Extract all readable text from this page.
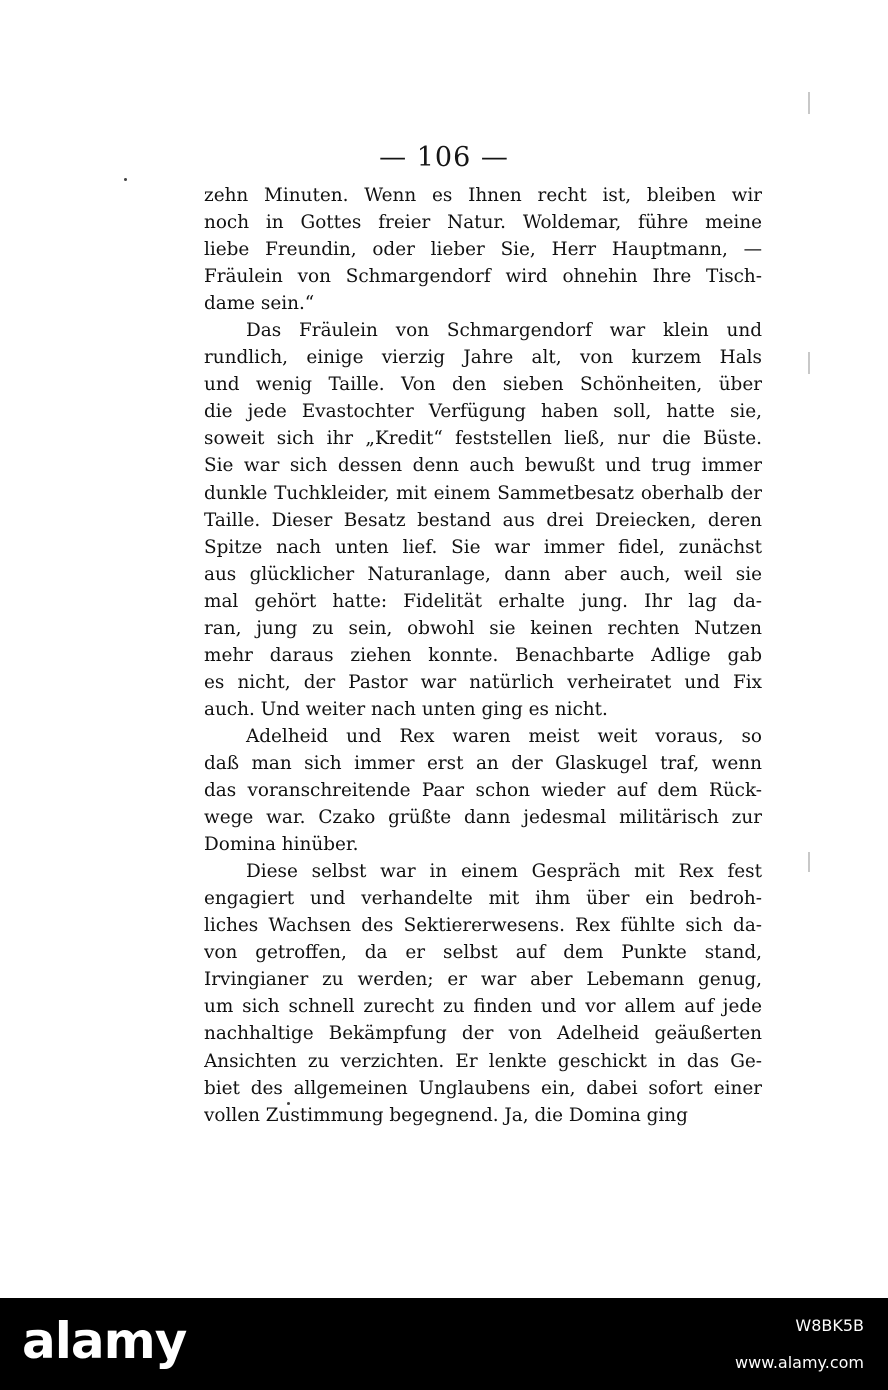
— 106 —
zehn Minuten. Wenn es Ihnen recht ist, bleiben wir
noch in Gottes freier Natur. Woldemar, führe meine
liebe Freundin, oder lieber Sie, Herr Hauptmann, —
Fräulein von Schmargendorf wird ohnehin Ihre Tisch-
dame sein.“
Das Fräulein von Schmargendorf war klein und
rundlich, einige vierzig Jahre alt, von kurzem Hals
und wenig Taille. Von den sieben Schönheiten, über
die jede Evastochter Verfügung haben soll, hatte sie,
soweit sich ihr „Kredit“ feststellen ließ, nur die Büste.
Sie war sich dessen denn auch bewußt und trug immer
dunkle Tuchkleider, mit einem Sammetbesatz oberhalb der
Taille. Dieser Besatz bestand aus drei Dreiecken, deren
Spitze nach unten lief. Sie war immer fidel, zunächst
aus glücklicher Naturanlage, dann aber auch, weil sie
mal gehört hatte: Fidelität erhalte jung. Ihr lag da-
ran, jung zu sein, obwohl sie keinen rechten Nutzen
mehr daraus ziehen konnte. Benachbarte Adlige gab
es nicht, der Pastor war natürlich verheiratet und Fix
auch. Und weiter nach unten ging es nicht.
Adelheid und Rex waren meist weit voraus, so
daß man sich immer erst an der Glaskugel traf, wenn
das voranschreitende Paar schon wieder auf dem Rück-
wege war. Czako grüßte dann jedesmal militärisch zur
Domina hinüber.
Diese selbst war in einem Gespräch mit Rex fest
engagiert und verhandelte mit ihm über ein bedroh-
liches Wachsen des Sektiererwesens. Rex fühlte sich da-
von getroffen, da er selbst auf dem Punkte stand,
Irvingianer zu werden; er war aber Lebemann genug,
um sich schnell zurecht zu finden und vor allem auf jede
nachhaltige Bekämpfung der von Adelheid geäußerten
Ansichten zu verzichten. Er lenkte geschickt in das Ge-
biet des allgemeinen Unglaubens ein, dabei sofort einer
vollen Zustimmung begegnend. Ja, die Domina ging
alamy	W8BK5B
www.alamy.com
